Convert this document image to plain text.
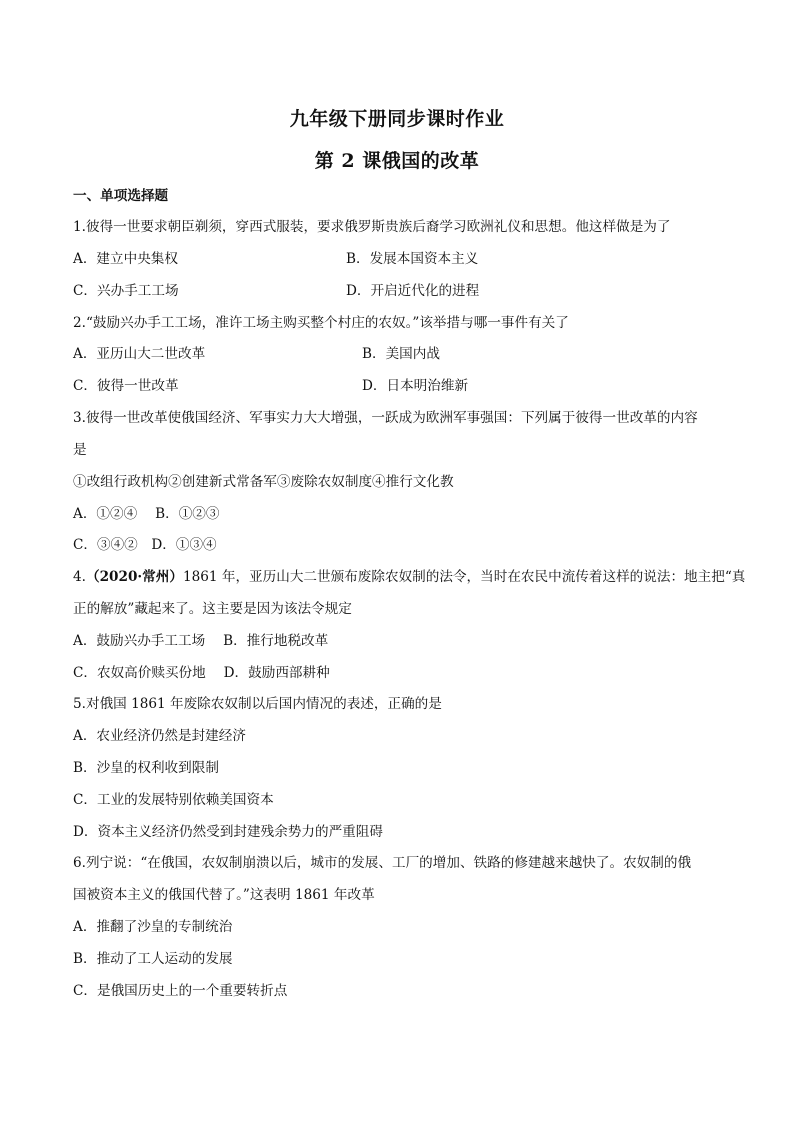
九年级下册同步课时作业
第 2 课俄国的改革
一、单项选择题
1.彼得一世要求朝臣剃须，穿西式服装，要求俄罗斯贵族后裔学习欧洲礼仪和思想。他这样做是为了
A．建立中央集权	B．发展本国资本主义
C．兴办手工工场	D．开启近代化的进程
2.“鼓励兴办手工工场，准许工场主购买整个村庄的农奴。”该举措与哪一事件有关了
A．亚历山大二世改革	B．美国内战
C．彼得一世改革	D．日本明治维新
3.彼得一世改革使俄国经济、军事实力大大增强，一跃成为欧洲军事强国：下列属于彼得一世改革的内容
是
①改组行政机构②创建新式常备军③废除农奴制度④推行文化教
A．①②④　 B．①②③
C．③④②　D．①③④
4.（2020·常州）1861 年，亚历山大二世颁布废除农奴制的法令，当时在农民中流传着这样的说法：地主把“真
正的解放”藏起来了。这主要是因为该法令规定
A．鼓励兴办手工工场　 B．推行地税改革
C．农奴高价赎买份地　 D．鼓励西部耕种
5.对俄国 1861 年废除农奴制以后国内情况的表述，正确的是
A．农业经济仍然是封建经济
B．沙皇的权利收到限制
C．工业的发展特别依赖美国资本
D．资本主义经济仍然受到封建残余势力的严重阻碍
6.列宁说：“在俄国，农奴制崩溃以后，城市的发展、工厂的增加、铁路的修建越来越快了。农奴制的俄
国被资本主义的俄国代替了。”这表明 1861 年改革
A．推翻了沙皇的专制统治
B．推动了工人运动的发展
C．是俄国历史上的一个重要转折点
